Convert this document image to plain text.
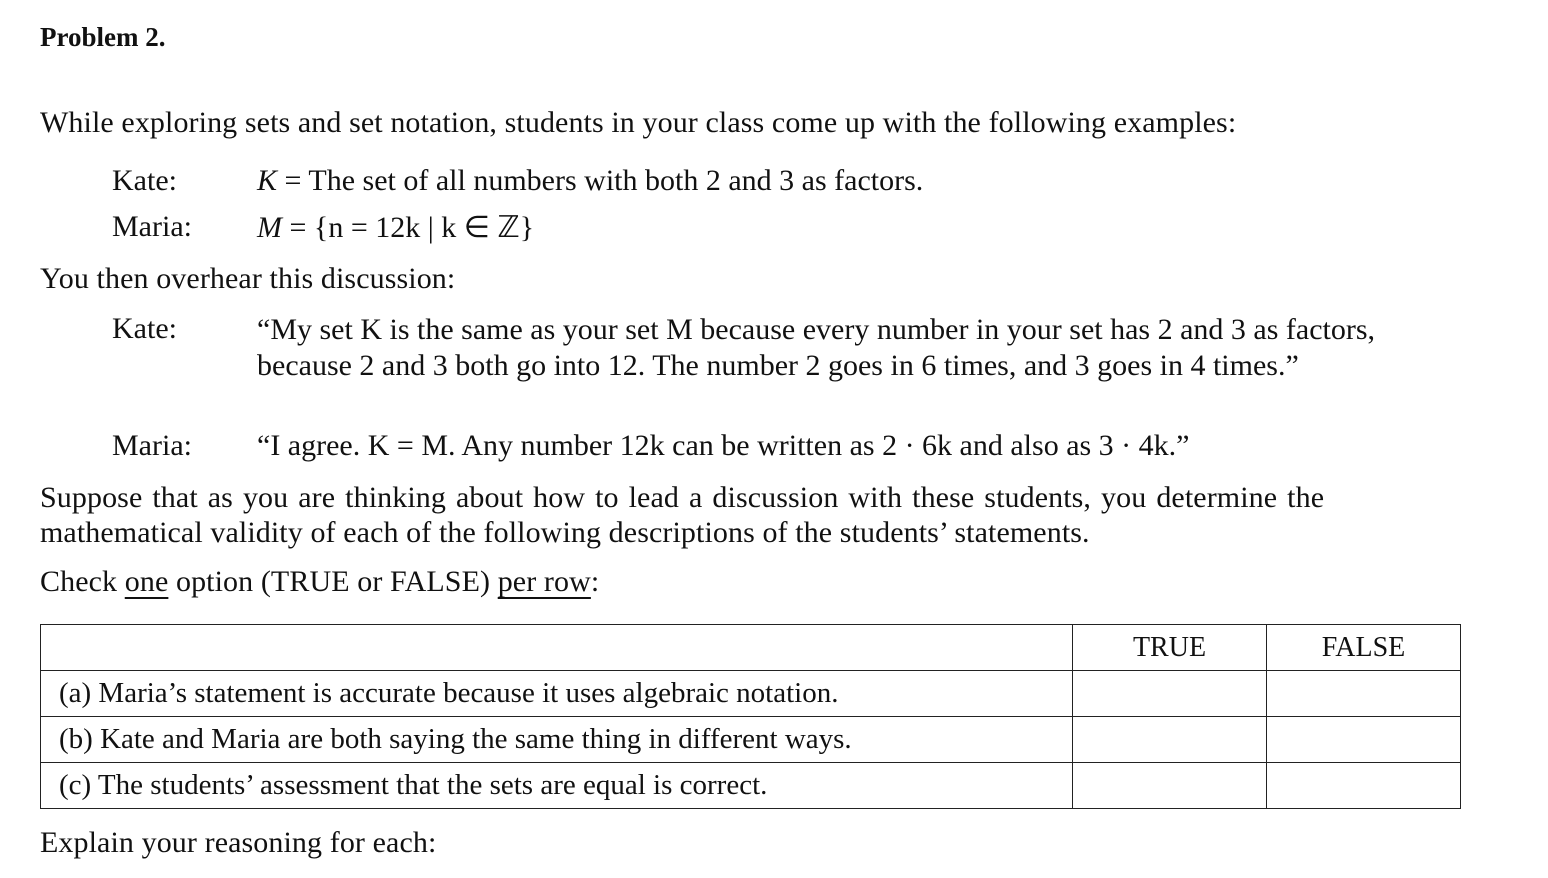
Problem 2.
While exploring sets and set notation, students in your class come up with the following examples:
Kate:	K = The set of all numbers with both 2 and 3 as factors.
Maria: M = {n = 12k | k ∈ ℤ}
You then overhear this discussion:
Kate:	“My set K is the same as your set M because every number in your set has 2 and 3 as factors, because 2 and 3 both go into 12. The number 2 goes in 6 times, and 3 goes in 4 times.”
Maria: “I agree. K = M. Any number 12k can be written as 2 · 6k and also as 3 · 4k.”
Suppose that as you are thinking about how to lead a discussion with these students, you determine the
mathematical validity of each of the following descriptions of the students’ statements.
Check one option (TRUE or FALSE) per row:
	TRUE	FALSE
(a) Maria’s statement is accurate because it uses algebraic notation.	

(b) Kate and Maria are both saying the same thing in different ways.	

(c) The students’ assessment that the sets are equal is correct.	

Explain your reasoning for each:
